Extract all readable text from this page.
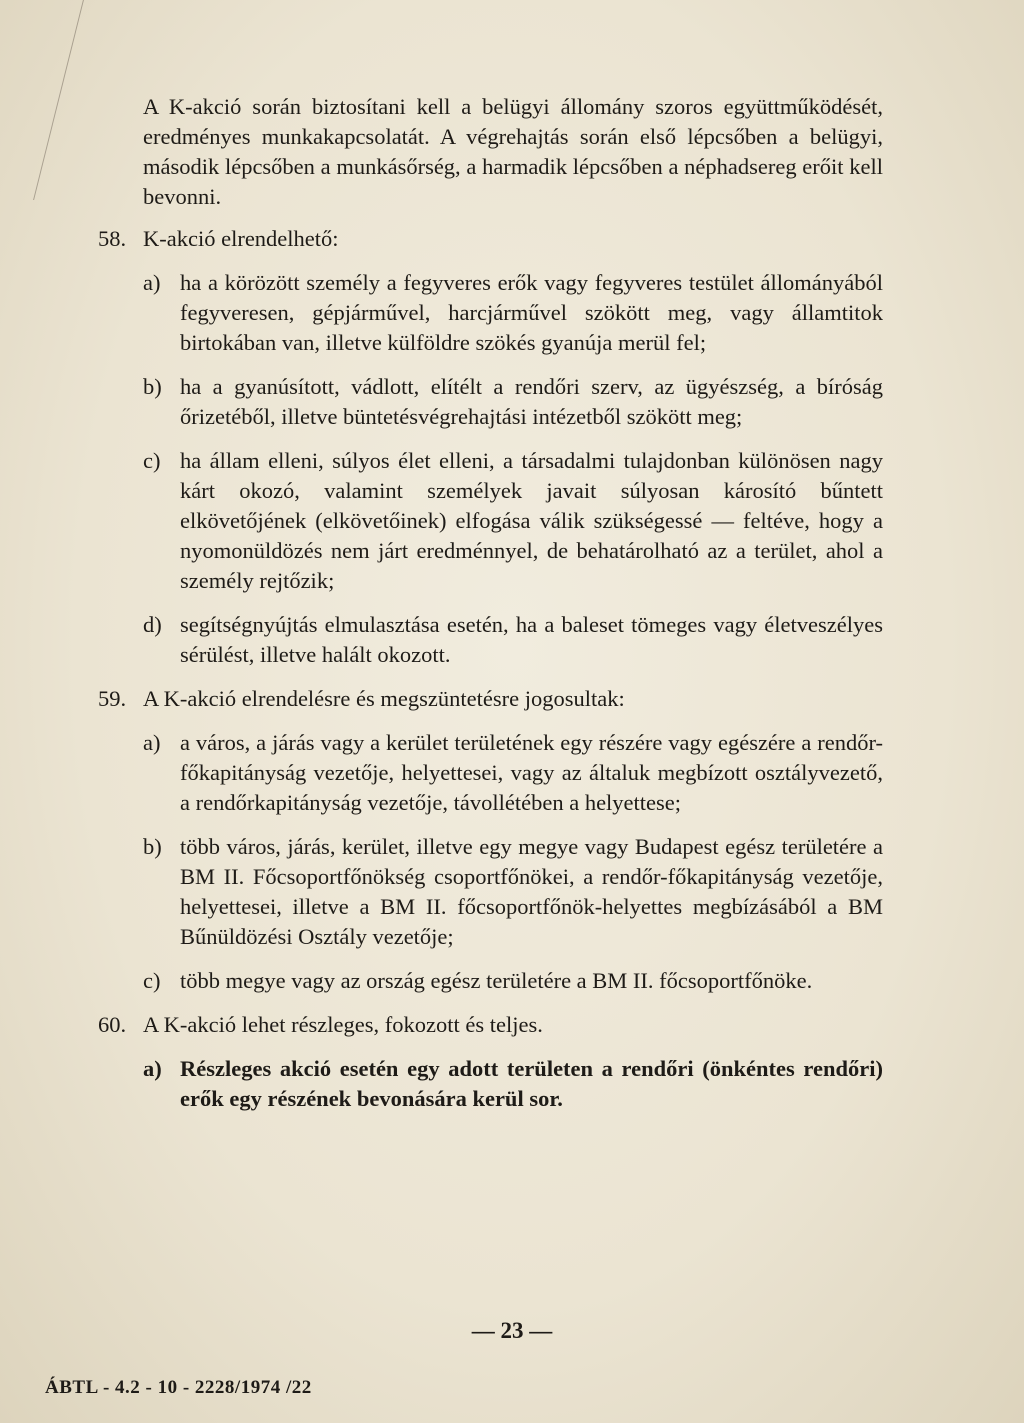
A K-akció során biztosítani kell a belügyi állomány szoros együttműködését, eredményes munkakapcsolatát. A végrehajtás során első lépcsőben a belügyi, második lépcsőben a munkásőrség, a harmadik lépcsőben a néphadsereg erőit kell bevonni.

58. K-akció elrendelhető:

a) ha a körözött személy a fegyveres erők vagy fegyveres testület állományából fegyveresen, gépjárművel, harcjárművel szökött meg, vagy államtitok birtokában van, illetve külföldre szökés gyanúja merül fel;

b) ha a gyanúsított, vádlott, elítélt a rendőri szerv, az ügyészség, a bíróság őrizetéből, illetve büntetésvégrehajtási intézetből szökött meg;

c) ha állam elleni, súlyos élet elleni, a társadalmi tulajdonban különösen nagy kárt okozó, valamint személyek javait súlyosan károsító bűntett elkövetőjének (elkövetőinek) elfogása válik szükségessé — feltéve, hogy a nyomonüldözés nem járt eredménnyel, de behatárolható az a terület, ahol a személy rejtőzik;

d) segítségnyújtás elmulasztása esetén, ha a baleset tömeges vagy életveszélyes sérülést, illetve halált okozott.

59. A K-akció elrendelésre és megszüntetésre jogosultak:

a) a város, a járás vagy a kerület területének egy részére vagy egészére a rendőr-főkapitányság vezetője, helyettesei, vagy az általuk megbízott osztályvezető, a rendőrkapitányság vezetője, távollétében a helyettese;

b) több város, járás, kerület, illetve egy megye vagy Budapest egész területére a BM II. Főcsoportfőnökség csoportfőnökei, a rendőr-főkapitányság vezetője, helyettesei, illetve a BM II. főcsoportfőnök-helyettes megbízásából a BM Bűnüldözési Osztály vezetője;

c) több megye vagy az ország egész területére a BM II. főcsoportfőnöke.

60. A K-akció lehet részleges, fokozott és teljes.

a) Részleges akció esetén egy adott területen a rendőri (önkéntes rendőri) erők egy részének bevonására kerül sor.

— 23 —
ÁBTL - 4.2 - 10 - 2228/1974 /22
